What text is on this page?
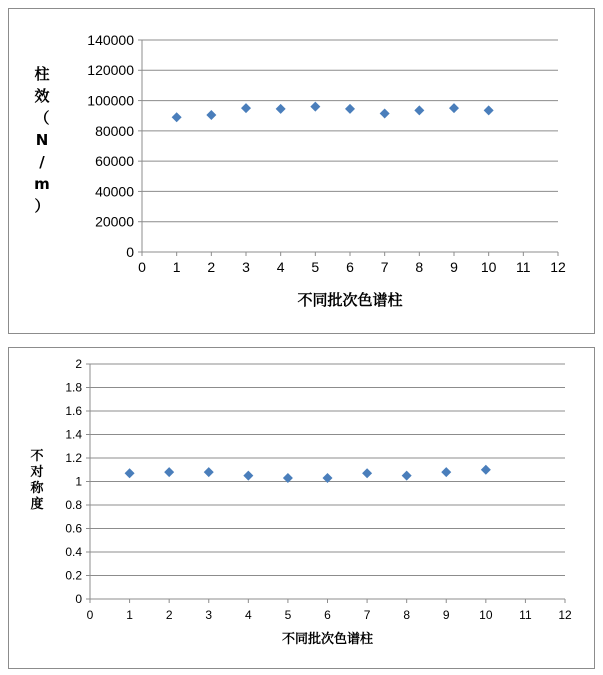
0
20000
40000
60000
80000
100000
120000
140000
0 1 2 3 4 5 6 7 8 9 10 11 12
不同批次色谱柱
柱效（ N / m ）
0
0.2
0.4
0.6
0.8
1
1.2
1.4
1.6
1.8
2
0	1	2	3	4	5	6	7	8	9 10 11 12
不同批次色谱柱
不对称度
